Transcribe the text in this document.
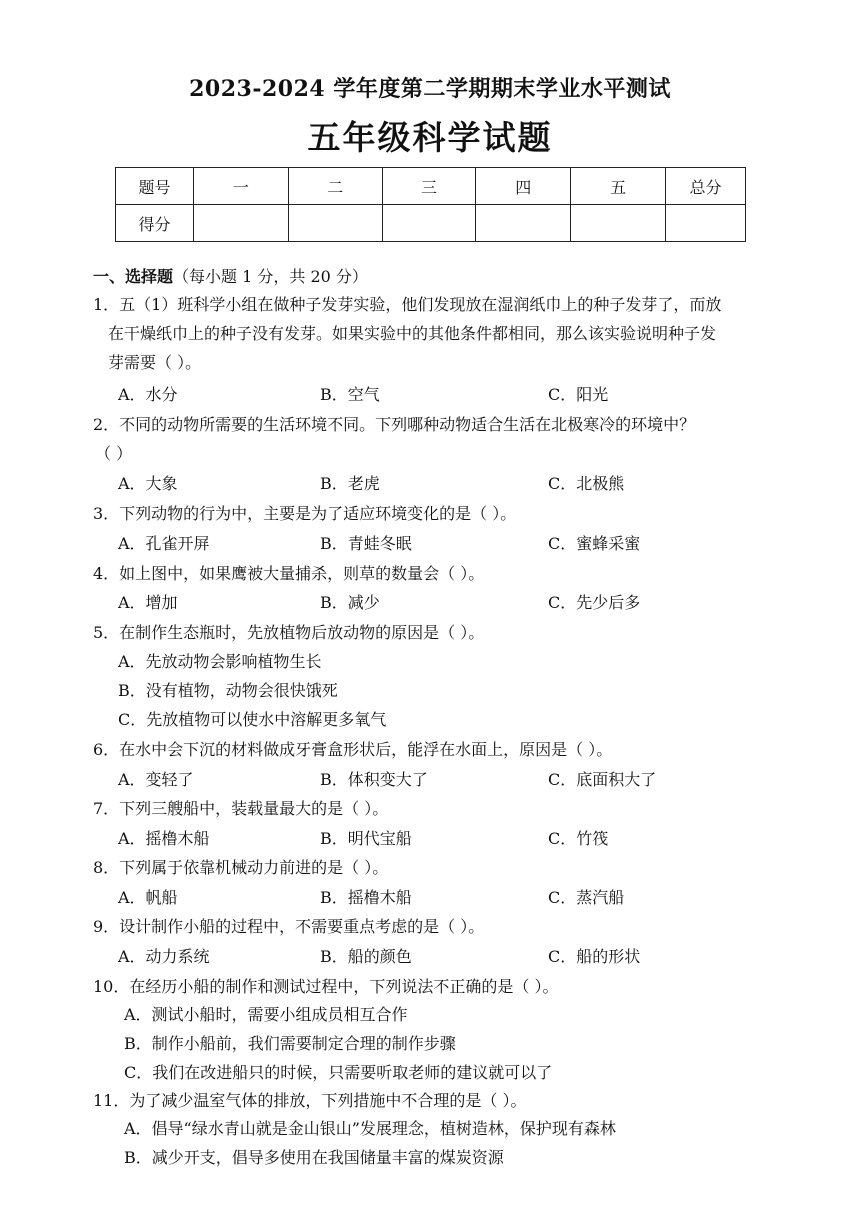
2023-2024 学年度第二学期期末学业水平测试
五年级科学试题
题号	一	二	三	四	五	总分
得分						
一、选择题（每小题 1 分，共 20 分）
1．五（1）班科学小组在做种子发芽实验，他们发现放在湿润纸巾上的种子发芽了，而放
在干燥纸巾上的种子没有发芽。如果实验中的其他条件都相同，那么该实验说明种子发
芽需要（ ）。
A．水分	B．空气	C．阳光
2．不同的动物所需要的生活环境不同。下列哪种动物适合生活在北极寒冷的环境中？
（ ）
A．大象	B．老虎	C．北极熊
3．下列动物的行为中，主要是为了适应环境变化的是（ ）。
A．孔雀开屏	B．青蛙冬眠	C．蜜蜂采蜜
4．如上图中，如果鹰被大量捕杀，则草的数量会（ ）。
A．增加	B．减少	C．先少后多
5．在制作生态瓶时，先放植物后放动物的原因是（ ）。
A．先放动物会影响植物生长
B．没有植物，动物会很快饿死
C．先放植物可以使水中溶解更多氧气
6．在水中会下沉的材料做成牙膏盒形状后，能浮在水面上，原因是（ ）。
A．变轻了	B．体积变大了	C．底面积大了
7．下列三艘船中，装载量最大的是（ ）。
A．摇橹木船	B．明代宝船	C．竹筏
8．下列属于依靠机械动力前进的是（ ）。
A．帆船	B．摇橹木船	C．蒸汽船
9．设计制作小船的过程中，不需要重点考虑的是（ ）。
A．动力系统	B．船的颜色	C．船的形状
10．在经历小船的制作和测试过程中，下列说法不正确的是（ ）。
A．测试小船时，需要小组成员相互合作
B．制作小船前，我们需要制定合理的制作步骤
C．我们在改进船只的时候，只需要听取老师的建议就可以了
11．为了减少温室气体的排放，下列措施中不合理的是（ ）。
A．倡导“绿水青山就是金山银山”发展理念，植树造林，保护现有森林
B．减少开支，倡导多使用在我国储量丰富的煤炭资源
